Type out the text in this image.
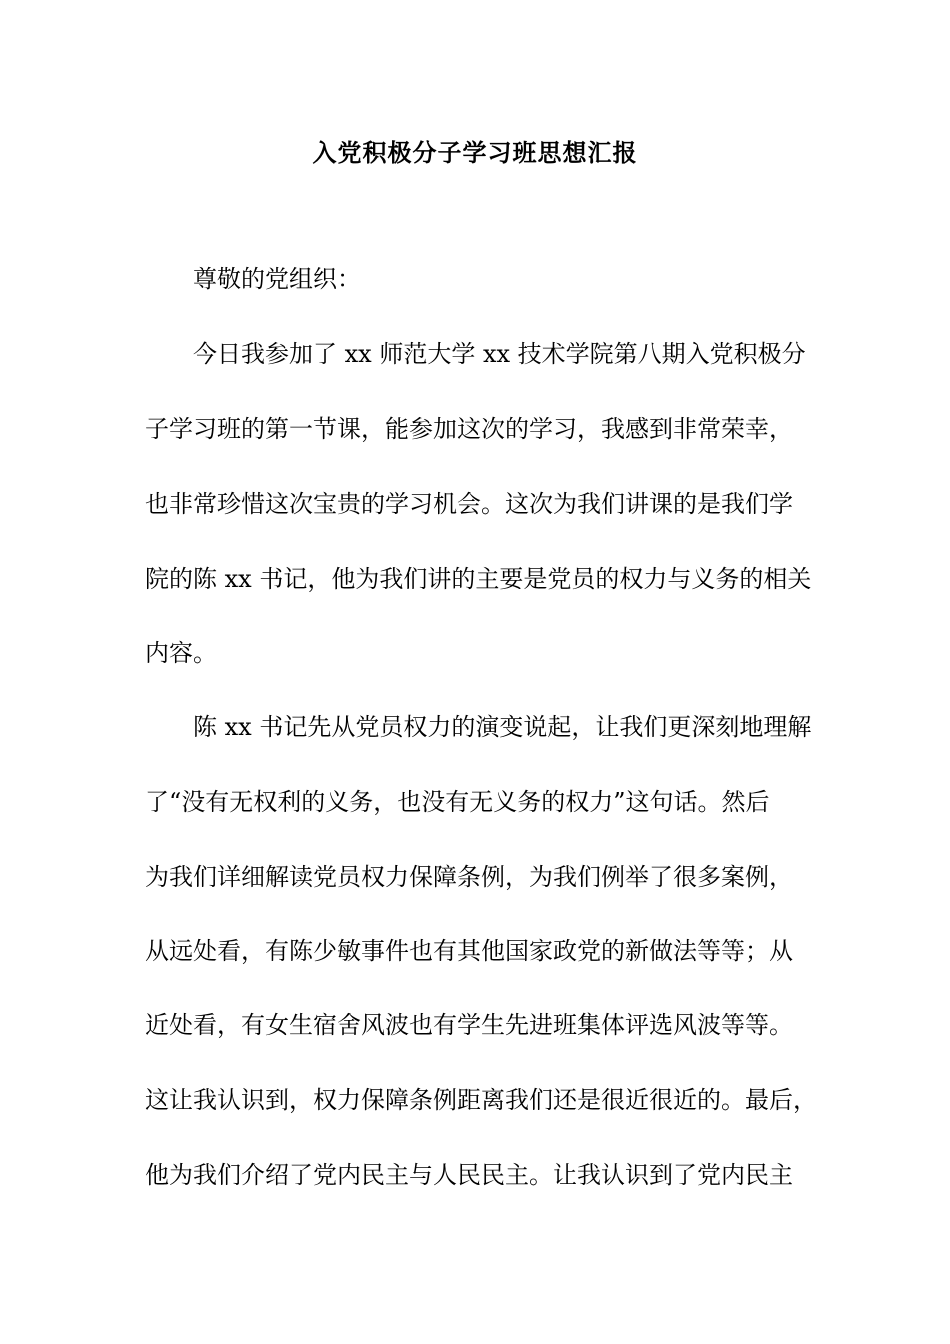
入党积极分子学习班思想汇报
尊敬的党组织：
今日我参加了 xx 师范大学 xx 技术学院第八期入党积极分
子学习班的第一节课，能参加这次的学习，我感到非常荣幸，
也非常珍惜这次宝贵的学习机会。这次为我们讲课的是我们学
院的陈 xx 书记，他为我们讲的主要是党员的权力与义务的相关
内容。
陈 xx 书记先从党员权力的演变说起，让我们更深刻地理解
了“没有无权利的义务，也没有无义务的权力”这句话。然后
为我们详细解读党员权力保障条例，为我们例举了很多案例，
从远处看，有陈少敏事件也有其他国家政党的新做法等等；从
近处看，有女生宿舍风波也有学生先进班集体评选风波等等。
这让我认识到，权力保障条例距离我们还是很近很近的。最后，
他为我们介绍了党内民主与人民民主。让我认识到了党内民主
